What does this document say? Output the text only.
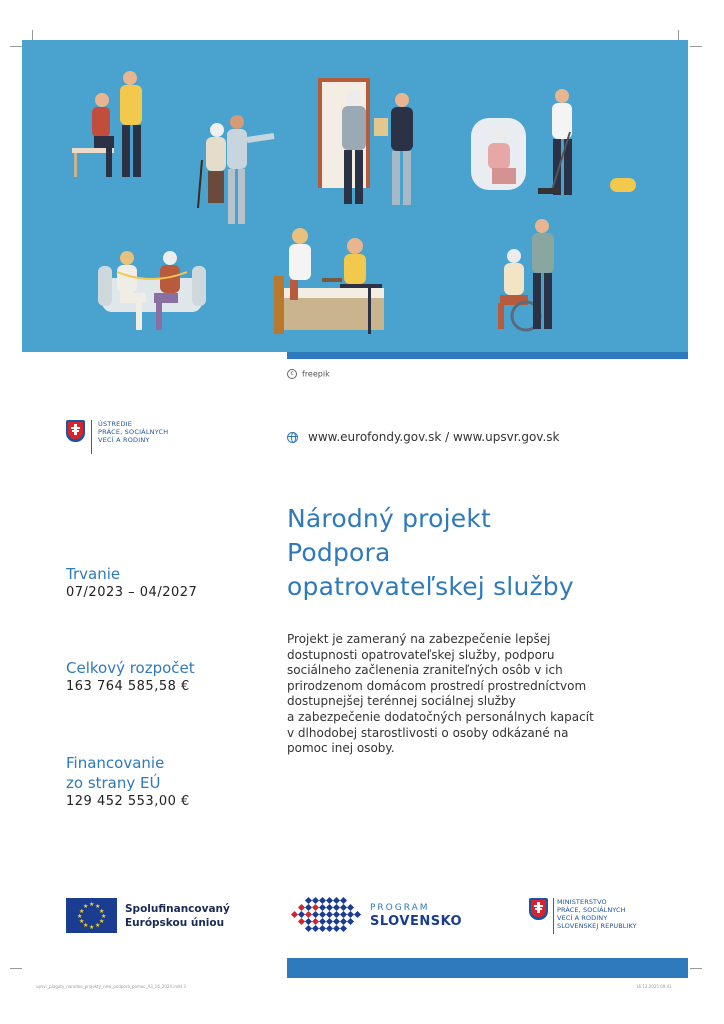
c freepik
ÚSTREDIE
PRÁCE, SOCIÁLNYCH
VECÍ A RODINY	www.eurofondy.gov.sk / www.upsvr.gov.sk
Národný projekt
Podpora
opatrovateľskej služby
Projekt je zameraný na zabezpečenie lepšej
dostupnosti opatrovateľskej služby, podporu
sociálneho začlenenia zraniteľných osôb v ich
prirodzenom domácom prostredí prostredníctvom
dostupnejšej terénnej sociálnej služby
a zabezpečenie dodatočných personálnych kapacít
v dlhodobej starostlivosti o osoby odkázané na
pomoc inej osoby.
Trvanie
07/2023 – 04/2027
Celkový rozpočet
163 764 585,58 €
Financovanie
zo strany EÚ
129 452 553,00 €
★ ★
★
★
★
★
★
★
★
★
★
★	Spolufinancovaný
Európskou úniou
PROGRAM
SLOVENSKO
MINISTERSTVO
PRÁCE, SOCIÁLNYCH
VECÍ A RODINY
SLOVENSKEJ REPUBLIKY
upsvr_plagaty_narodne_projekty_new_podpora_pomoc_A3_16_2024.indd 3	16.12.2025 09:41
